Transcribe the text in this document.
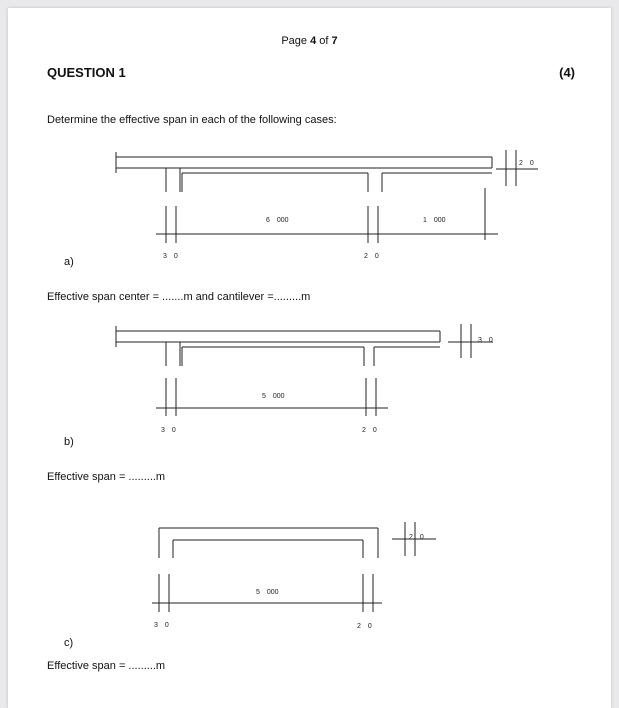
Page 4 of 7
QUESTION 1	(4)
Determine the effective span in each of the following cases:
3 0
6 000
2 0
1 000
2 0
3 0
5 000
2 0
3 0
3 0
5 000
2 0
2 0
a)
Effective span center = .......m and cantilever =.........m
b)
Effective span = .........m
c)
Effective span = .........m
